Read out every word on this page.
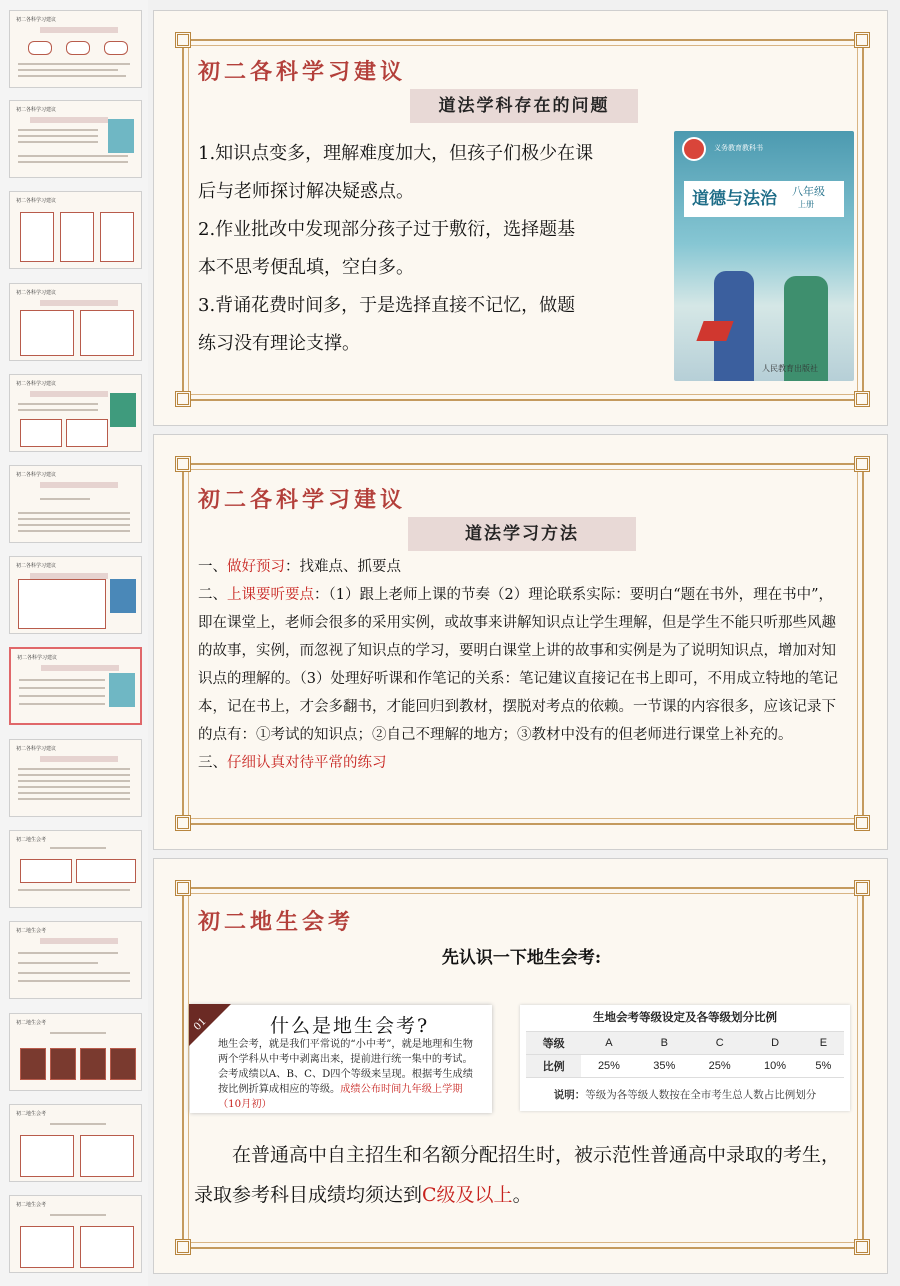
初二各科学习建议
初二各科学习建议
初二各科学习建议
初二各科学习建议
初二各科学习建议
初二各科学习建议
初二各科学习建议
初二各科学习建议
初二各科学习建议
初二地生会考
初二地生会考
初二地生会考
初二地生会考
初二地生会考
初二各科学习建议
道法学科存在的问题
1.知识点变多，理解难度加大，但孩子们极少在课
后与老师探讨解决疑惑点。
2.作业批改中发现部分孩子过于敷衍，选择题基
本不思考便乱填，空白多。
3.背诵花费时间多，于是选择直接不记忆，做题
练习没有理论支撑。
义务教育教科书
道德与法治	八年级
上册
人民教育出版社
初二各科学习建议
道法学习方法
一、做好预习：找难点、抓要点
二、上课要听要点：（1）跟上老师上课的节奏（2）理论联系实际：要明白“题在书外，理在书中”，即在课堂上，老师会很多的采用实例，或故事来讲解知识点让学生理解，但是学生不能只听那些风趣的故事，实例，而忽视了知识点的学习，要明白课堂上讲的故事和实例是为了说明知识点，增加对知识点的理解的。（3）处理好听课和作笔记的关系：笔记建议直接记在书上即可，不用成立特地的笔记本，记在书上，才会多翻书，才能回归到教材，摆脱对考点的依赖。一节课的内容很多，应该记录下的点有：①考试的知识点；②自己不理解的地方；③教材中没有的但老师进行课堂上补充的。
三、仔细认真对待平常的练习
初二地生会考
先认识一下地生会考:
01	什么是地生会考?
地生会考，就是我们平常说的“小中考”，就是地理和生物两个学科从中考中剥离出来，提前进行统一集中的考试。会考成绩以A、B、C、D四个等级来呈现。根据考生成绩按比例折算成相应的等级。成绩公布时间九年级上学期（10月初）
生地会考等级设定及各等级划分比例
等级	A	B	C	D	E
比例	25%	35%	25%	10%	5%
说明：等级为各等级人数按在全市考生总人数占比例划分
在普通高中自主招生和名额分配招生时，被示范性普通高中录取的考生，录取参考科目成绩均须达到C级及以上。
